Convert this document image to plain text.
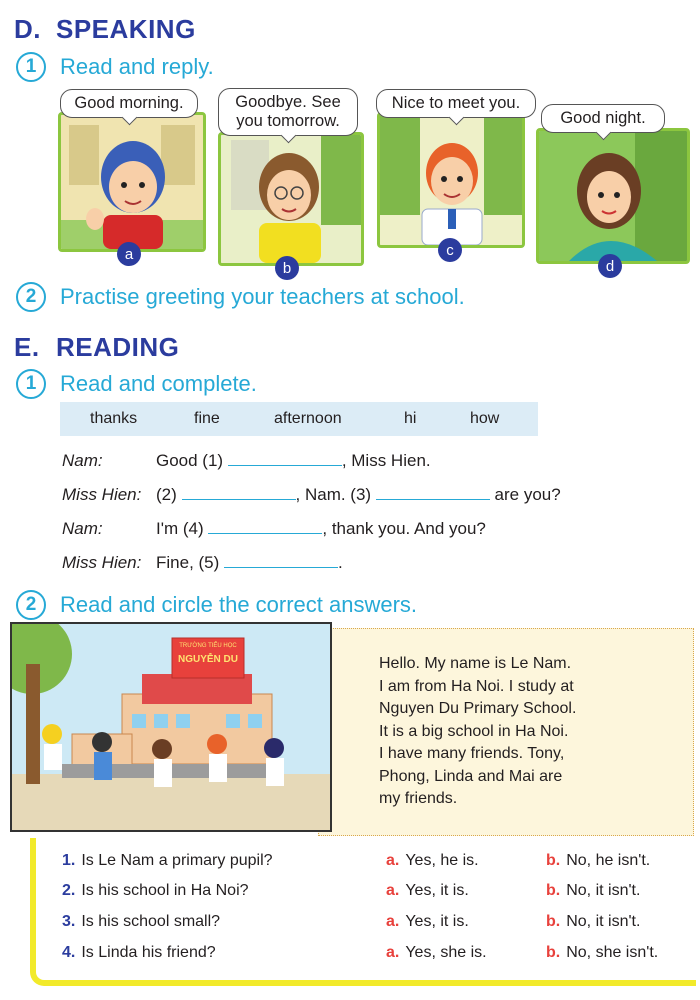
D. SPEAKING
1	Read and reply.
Good morning.
a
Goodbye. See you tomorrow.
b
Nice to meet you.
c
Good night.
d
2	Practise greeting your teachers at school.
E. READING
1	Read and complete.
thanks	fine	afternoon	hi	how
Nam:	Good (1)	, Miss Hien.
Miss Hien: (2)	, Nam. (3)	are you?
Nam:	I'm (4)	, thank you. And you?
Miss Hien: Fine, (5)	.
2	Read and circle the correct answers.
Hello. My name is Le Nam.
I am from Ha Noi. I study at
Nguyen Du Primary School.
It is a big school in Ha Noi.
I have many friends. Tony,
Phong, Linda and Mai are
my friends.
TRƯỜNG TIỂU HỌC
NGUYỄN DU
1. Is Le Nam a primary pupil?	a. Yes, he is.	b. No, he isn't.
2. Is his school in Ha Noi?	a. Yes, it is.	b. No, it isn't.
3. Is his school small?	a. Yes, it is.	b. No, it isn't.
4. Is Linda his friend?	a. Yes, she is.	b. No, she isn't.
